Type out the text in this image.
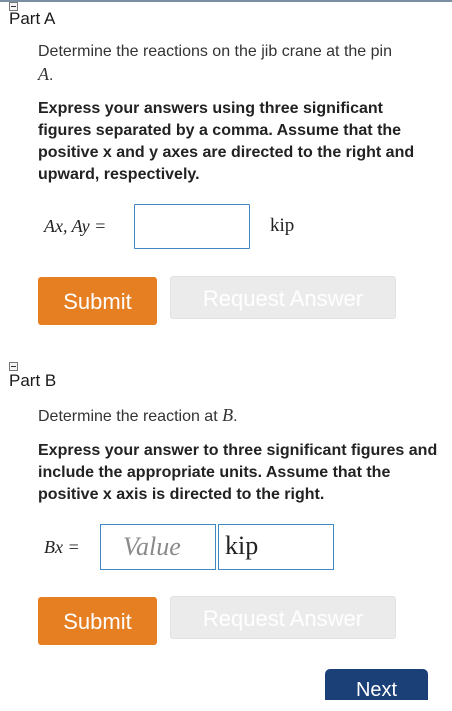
Part A

Determine the reactions on the jib crane at the pin
A.

Express your answers using three significant figures separated by a comma. Assume that the positive x and y axes are directed to the right and upward, respectively.

Ax, Ay =	kip
Submit	Request Answer
Part B

Determine the reaction at B.

Express your answer to three significant figures and include the appropriate units. Assume that the positive x axis is directed to the right.

Bx =
Value	kip
Submit	Request Answer
Next
